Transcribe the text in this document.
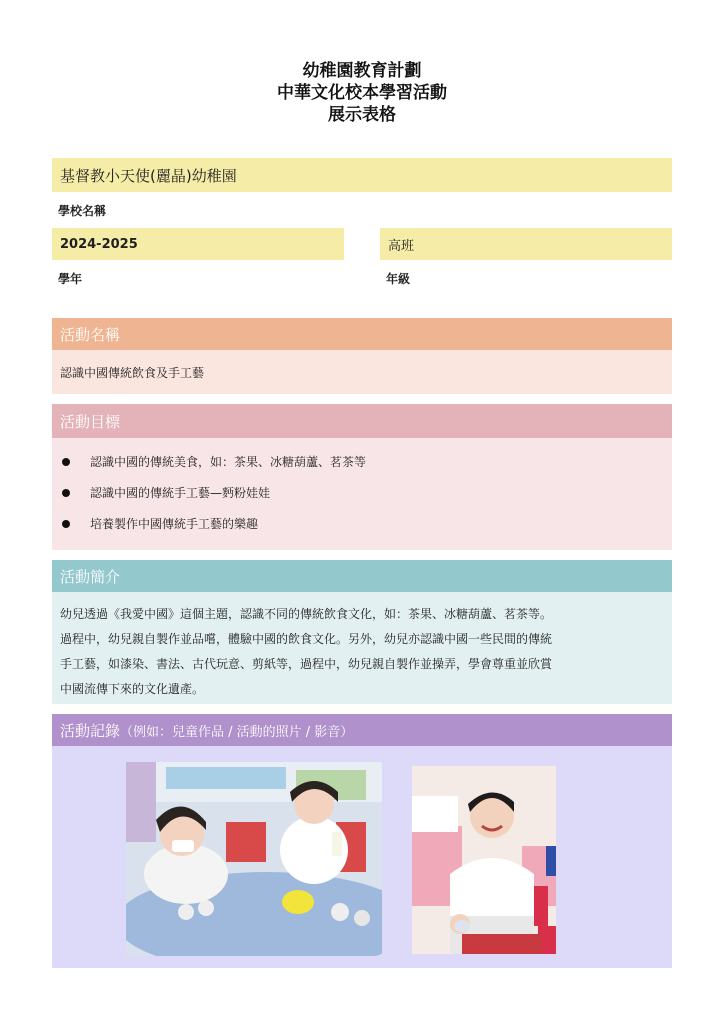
幼稚園教育計劃
中華文化校本學習活動
展示表格
基督教小天使(麗晶)幼稚園
學校名稱
2024-2025
學年
高班
年級
活動名稱
認識中國傳統飲食及手工藝
活動目標
認識中國的傳統美食，如：茶果、冰糖葫蘆、茗茶等
認識中國的傳統手工藝—麪粉娃娃
培養製作中國傳統手工藝的樂趣
活動簡介
幼兒透過《我愛中國》這個主題，認識不同的傳統飲食文化，如：茶果、冰糖葫蘆、茗茶等。
過程中，幼兒親自製作並品嚐，體驗中國的飲食文化。另外，幼兒亦認識中國一些民間的傳統
手工藝，如漆染、書法、古代玩意、剪紙等，過程中，幼兒親自製作並操弄，學會尊重並欣賞
中國流傳下來的文化遺產。
活動記錄 （例如：兒童作品 / 活動的照片 / 影音）
